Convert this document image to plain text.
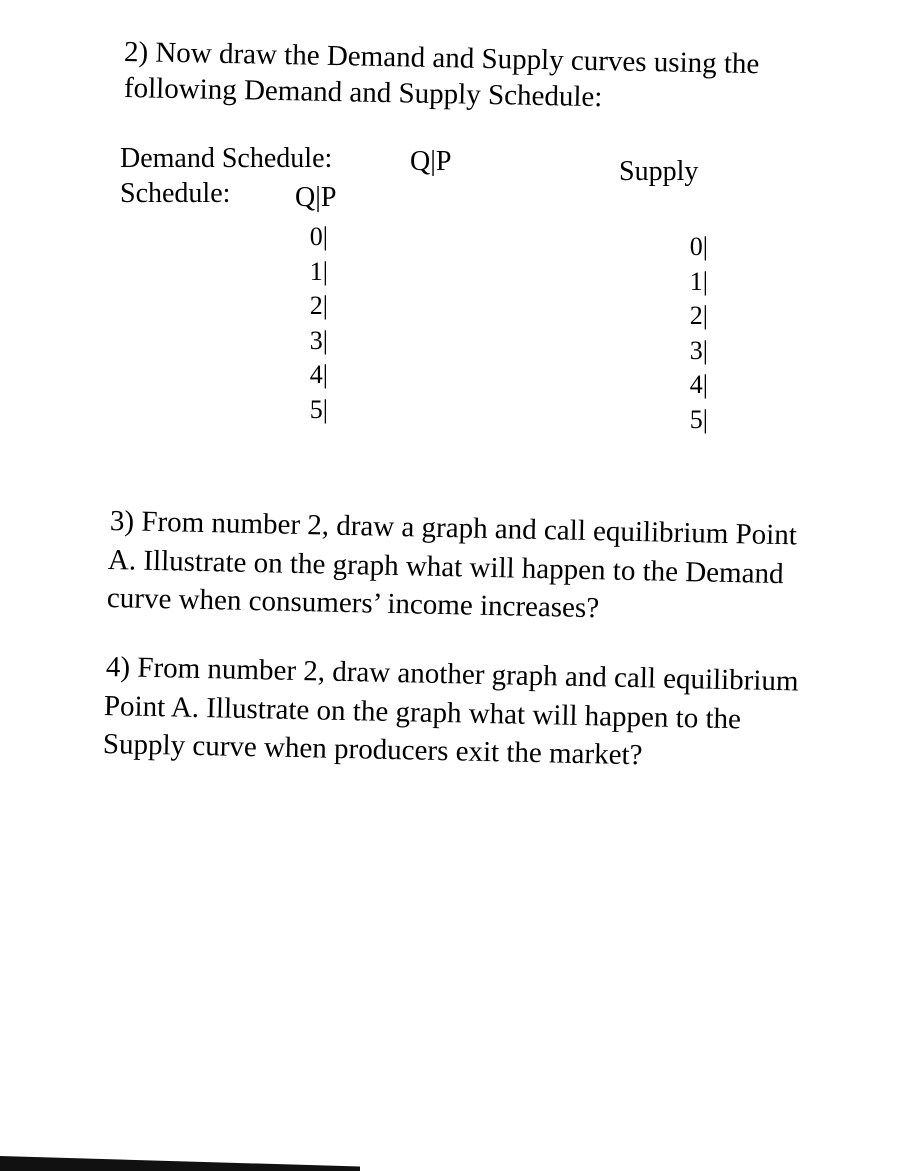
2) Now draw the Demand and Supply curves using the

following Demand and Supply Schedule:

Demand Schedule:	Q|P	Supply
Schedule: Q|P
0|
1|
2|
3|
4|
5|
0|
1|
2|
3|
4|
5|

3) From number 2, draw a graph and call equilibrium Point

A. Illustrate on the graph what will happen to the Demand

curve when consumers’ income increases?

4) From number 2, draw another graph and call equilibrium

Point A. Illustrate on the graph what will happen to the

Supply curve when producers exit the market?
